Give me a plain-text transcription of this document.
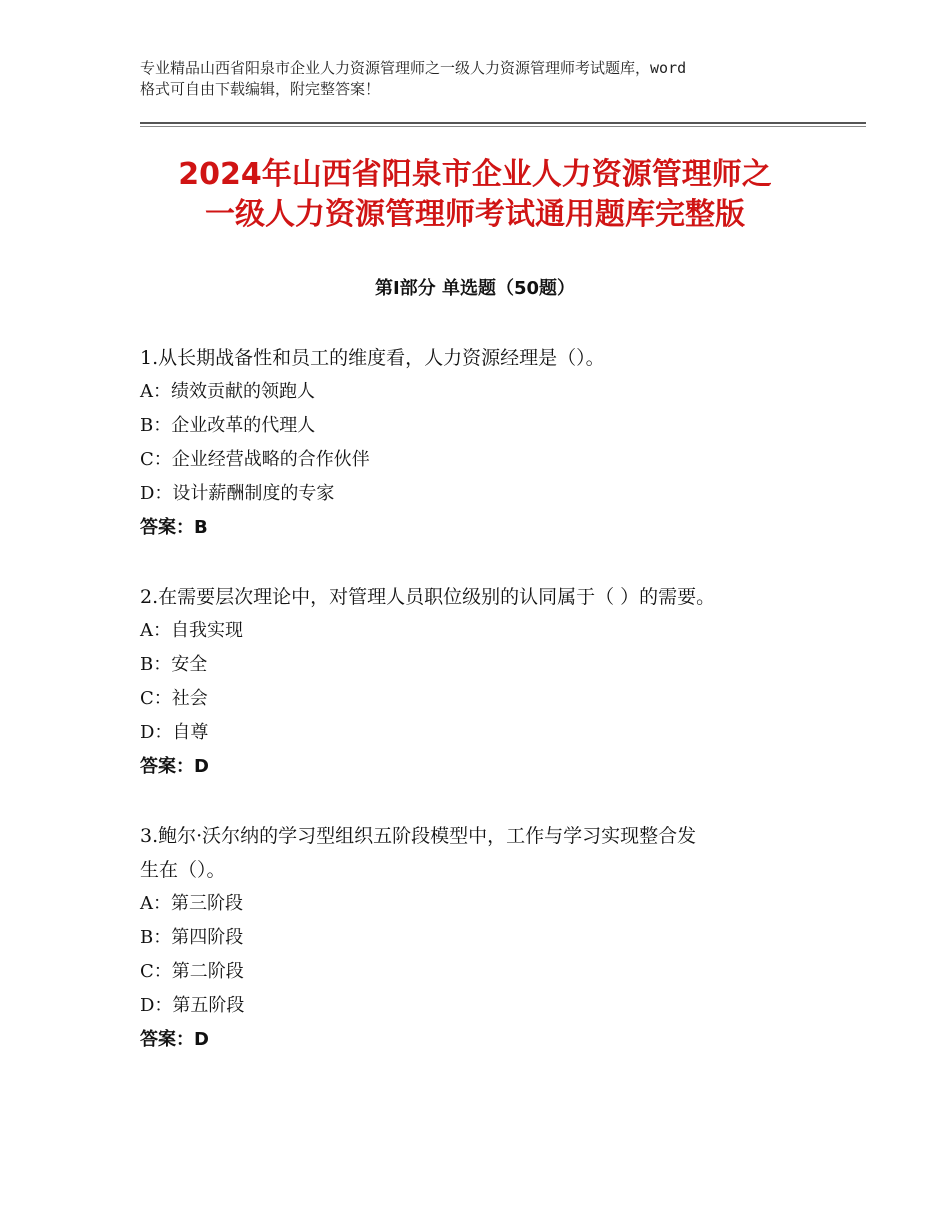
专业精品山西省阳泉市企业人力资源管理师之一级人力资源管理师考试题库，word
格式可自由下载编辑，附完整答案！
2024年山西省阳泉市企业人力资源管理师之
一级人力资源管理师考试通用题库完整版
第Ⅰ部分 单选题（50题）

1.从长期战备性和员工的维度看，人力资源经理是（）。

A：绩效贡献的领跑人

B：企业改革的代理人

C：企业经营战略的合作伙伴

D：设计薪酬制度的专家

答案：B

2.在需要层次理论中，对管理人员职位级别的认同属于（ ）的需要。

A：自我实现

B：安全

C：社会

D：自尊

答案：D

3.鲍尔·沃尔纳的学习型组织五阶段模型中，工作与学习实现整合发

生在（）。

A：第三阶段

B：第四阶段

C：第二阶段

D：第五阶段

答案：D
